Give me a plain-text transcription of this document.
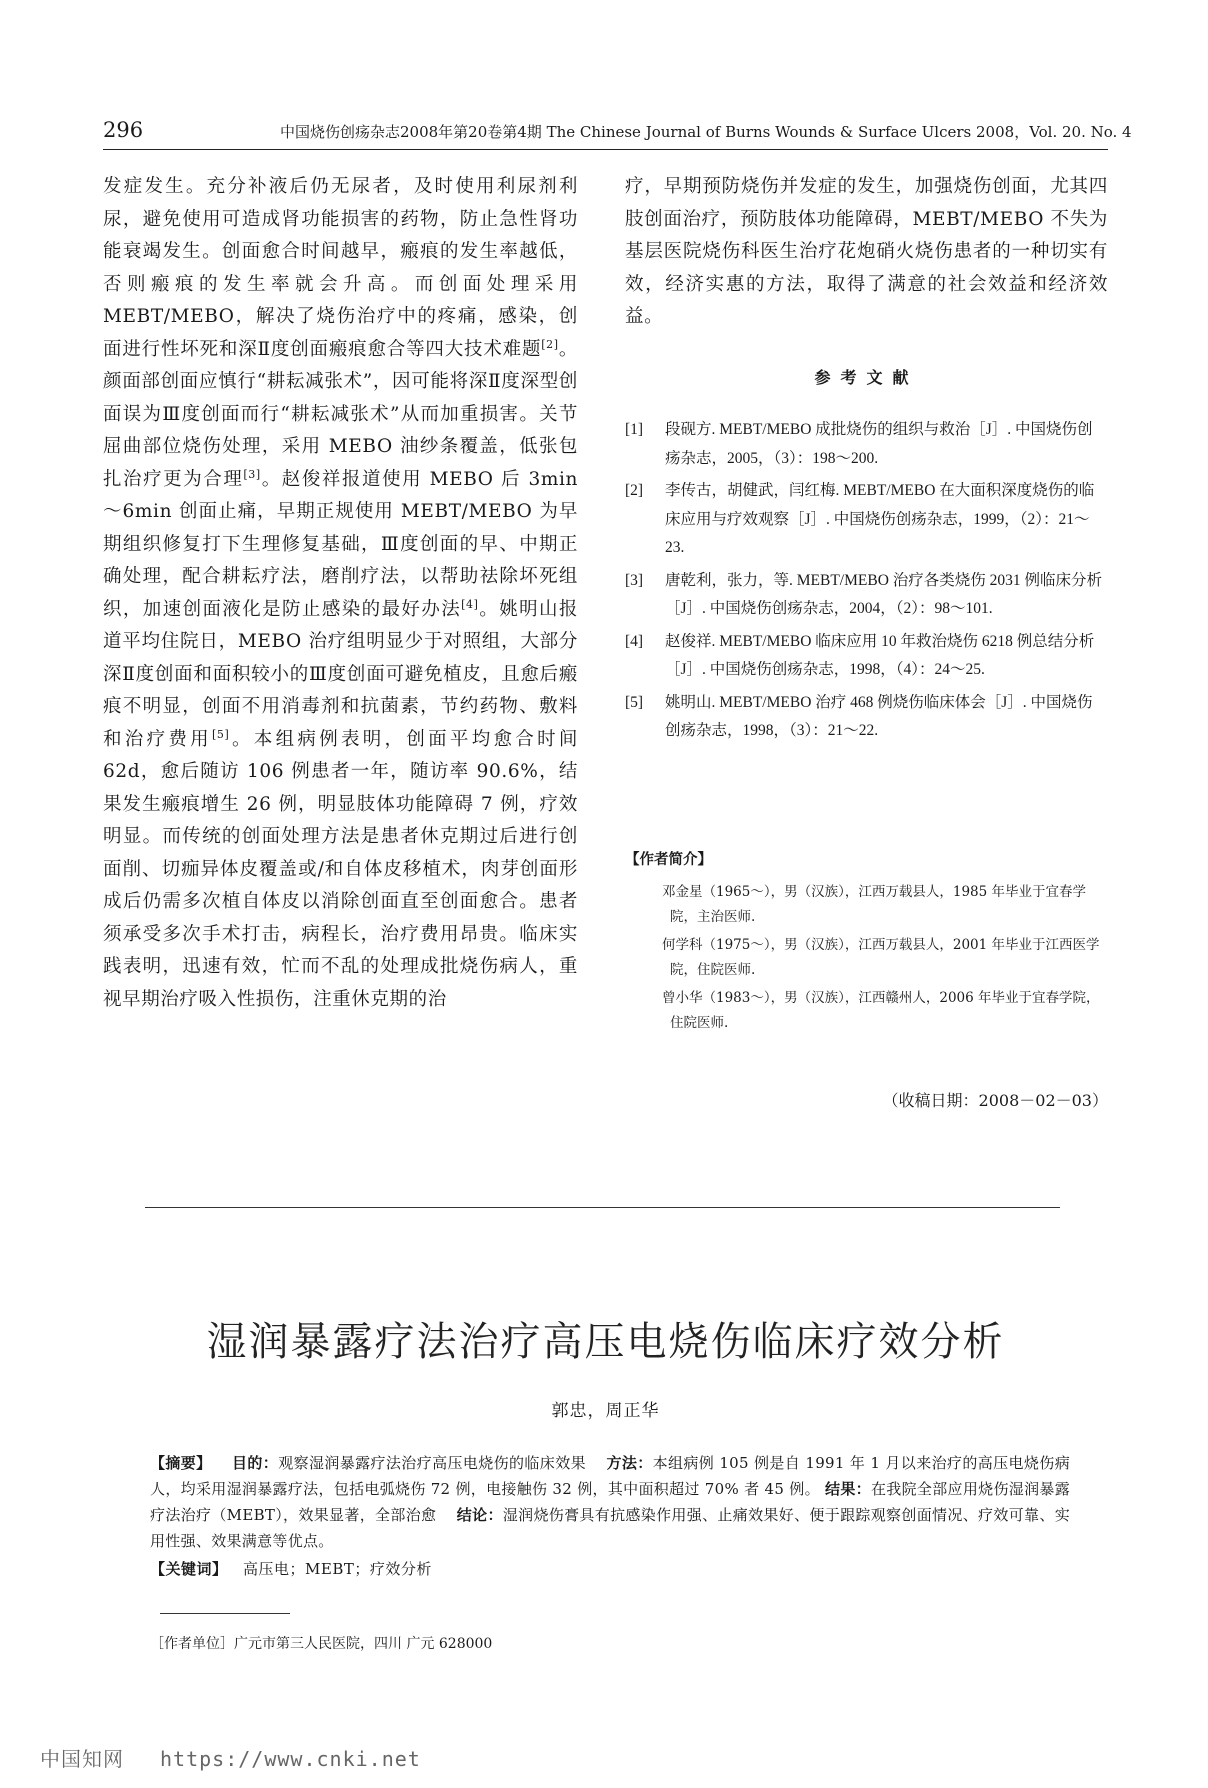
296	中国烧伤创疡杂志2008年第20卷第4期 The Chinese Journal of Burns Wounds & Surface Ulcers 2008，Vol. 20. No. 4

发症发生。充分补液后仍无尿者，及时使用利尿剂利尿，避免使用可造成肾功能损害的药物，防止急性肾功能衰竭发生。创面愈合时间越早，瘢痕的发生率越低，否则瘢痕的发生率就会升高。而创面处理采用 MEBT/MEBO，解决了烧伤治疗中的疼痛，感染，创面进行性坏死和深Ⅱ度创面瘢痕愈合等四大技术难题[2]。颜面部创面应慎行“耕耘减张术”，因可能将深Ⅱ度深型创面误为Ⅲ度创面而行“耕耘减张术”从而加重损害。关节屈曲部位烧伤处理，采用 MEBO 油纱条覆盖，低张包扎治疗更为合理[3]。赵俊祥报道使用 MEBO 后 3min～6min 创面止痛，早期正规使用 MEBT/MEBO 为早期组织修复打下生理修复基础，Ⅲ度创面的早、中期正确处理，配合耕耘疗法，磨削疗法，以帮助祛除坏死组织，加速创面液化是防止感染的最好办法[4]。姚明山报道平均住院日，MEBO 治疗组明显少于对照组，大部分深Ⅱ度创面和面积较小的Ⅲ度创面可避免植皮，且愈后瘢痕不明显，创面不用消毒剂和抗菌素，节约药物、敷料和治疗费用[5]。本组病例表明，创面平均愈合时间 62d，愈后随访 106 例患者一年，随访率 90.6%，结果发生瘢痕增生 26 例，明显肢体功能障碍 7 例，疗效明显。而传统的创面处理方法是患者休克期过后进行创面削、切痂异体皮覆盖或/和自体皮移植术，肉芽创面形成后仍需多次植自体皮以消除创面直至创面愈合。患者须承受多次手术打击，病程长，治疗费用昂贵。临床实践表明，迅速有效，忙而不乱的处理成批烧伤病人，重视早期治疗吸入性损伤，注重休克期的治

疗，早期预防烧伤并发症的发生，加强烧伤创面，尤其四肢创面治疗，预防肢体功能障碍，MEBT/MEBO 不失为基层医院烧伤科医生治疗花炮硝火烧伤患者的一种切实有效，经济实惠的方法，取得了满意的社会效益和经济效益。

参考文献
[1]	段砚方. MEBT/MEBO 成批烧伤的组织与救治［J］. 中国烧伤创疡杂志，2005，（3）：198～200.
[2]	李传古，胡健武，闫红梅. MEBT/MEBO 在大面积深度烧伤的临床应用与疗效观察［J］. 中国烧伤创疡杂志，1999，（2）：21～23.
[3]	唐乾利，张力，等. MEBT/MEBO 治疗各类烧伤 2031 例临床分析［J］. 中国烧伤创疡杂志，2004，（2）：98～101.
[4]	赵俊祥. MEBT/MEBO 临床应用 10 年救治烧伤 6218 例总结分析［J］. 中国烧伤创疡杂志，1998，（4）：24～25.
[5]	姚明山. MEBT/MEBO 治疗 468 例烧伤临床体会［J］. 中国烧伤创疡杂志，1998，（3）：21～22.
【作者简介】
邓金星（1965～），男（汉族），江西万载县人，1985 年毕业于宜春学院，主治医师.
何学科（1975～），男（汉族），江西万载县人，2001 年毕业于江西医学院，住院医师.
曾小华（1983～），男（汉族），江西赣州人，2006 年毕业于宜春学院，住院医师.
（收稿日期：2008－02－03）
湿润暴露疗法治疗高压电烧伤临床疗效分析
郭忠，周正华
【摘要】  目的：观察湿润暴露疗法治疗高压电烧伤的临床效果  方法：本组病例 105 例是自 1991 年 1 月以来治疗的高压电烧伤病人，均采用湿润暴露疗法，包括电弧烧伤 72 例，电接触伤 32 例，其中面积超过 70% 者 45 例。 结果：在我院全部应用烧伤湿润暴露疗法治疗（MEBT），效果显著，全部治愈  结论：湿润烧伤膏具有抗感染作用强、止痛效果好、便于跟踪观察创面情况、疗效可靠、实用性强、效果满意等优点。
【关键词】  高压电；MEBT；疗效分析
［作者单位］广元市第三人民医院，四川 广元 628000
中国知网 https://www.cnki.net
